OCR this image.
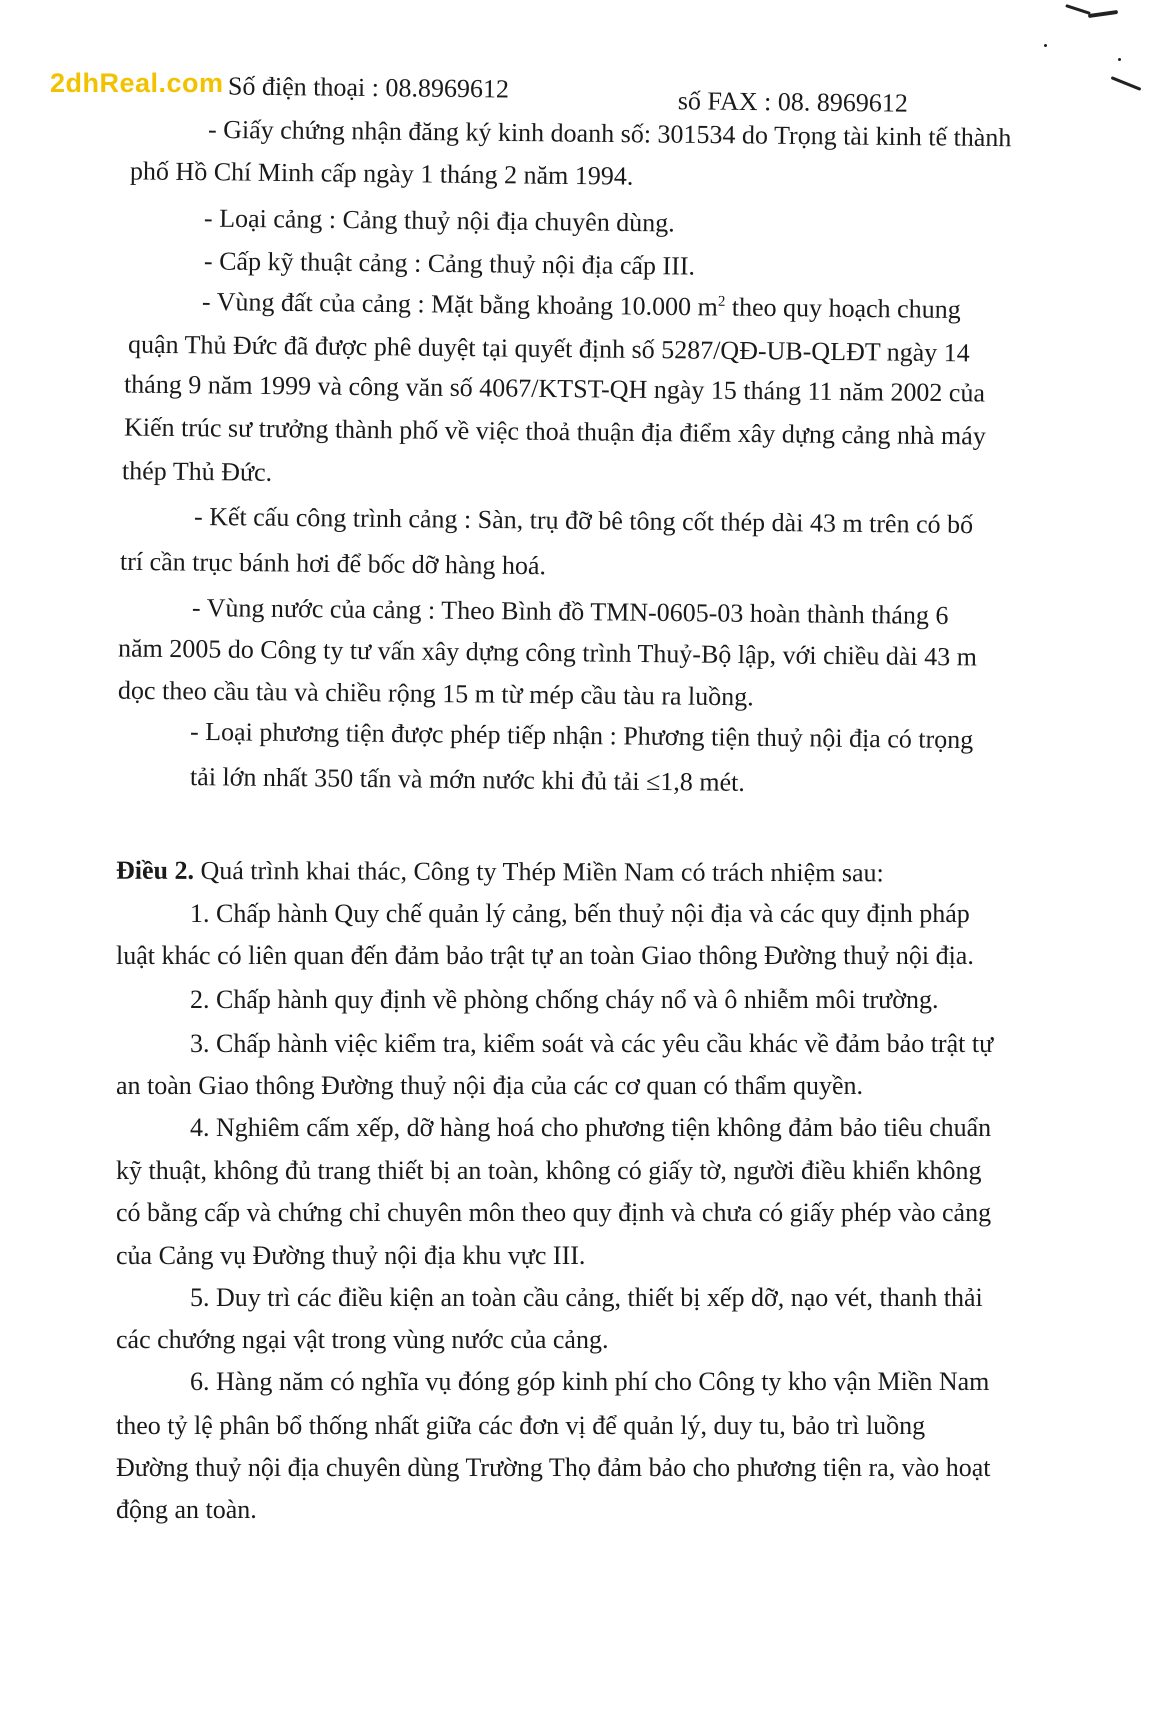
2dhReal.com Số điện thoại : 08.8969612	số FAX : 08. 8969612
- Giấy chứng nhận đăng ký kinh doanh số: 301534 do Trọng tài kinh tế thành
phố Hồ Chí Minh cấp ngày 1 tháng 2 năm 1994.
- Loại cảng : Cảng thuỷ nội địa chuyên dùng.
- Cấp kỹ thuật cảng : Cảng thuỷ nội địa cấp III.
- Vùng đất của cảng : Mặt bằng khoảng 10.000 $m^2$ theo quy hoạch chung
quận Thủ Đức đã được phê duyệt tại quyết định số 5287/QĐ-UB-QLĐT ngày 14
tháng 9 năm 1999 và công văn số 4067/KTST-QH ngày 15 tháng 11 năm 2002 của
Kiến trúc sư trưởng thành phố về việc thoả thuận địa điểm xây dựng cảng nhà máy
thép Thủ Đức.
- Kết cấu công trình cảng : Sàn, trụ đỡ bê tông cốt thép dài 43 m trên có bố
trí cần trục bánh hơi để bốc dỡ hàng hoá.
- Vùng nước của cảng : Theo Bình đồ TMN-0605-03 hoàn thành tháng 6
năm 2005 do Công ty tư vấn xây dựng công trình Thuỷ-Bộ lập, với chiều dài 43 m
dọc theo cầu tàu và chiều rộng 15 m từ mép cầu tàu ra luồng.
- Loại phương tiện được phép tiếp nhận : Phương tiện thuỷ nội địa có trọng
tải lớn nhất 350 tấn và mớn nước khi đủ tải ≤1,8 mét.
Điều 2. Quá trình khai thác, Công ty Thép Miền Nam có trách nhiệm sau:
1. Chấp hành Quy chế quản lý cảng, bến thuỷ nội địa và các quy định pháp
luật khác có liên quan đến đảm bảo trật tự an toàn Giao thông Đường thuỷ nội địa.
2. Chấp hành quy định về phòng chống cháy nổ và ô nhiễm môi trường.
3. Chấp hành việc kiểm tra, kiểm soát và các yêu cầu khác về đảm bảo trật tự
an toàn Giao thông Đường thuỷ nội địa của các cơ quan có thẩm quyền.
4. Nghiêm cấm xếp, dỡ hàng hoá cho phương tiện không đảm bảo tiêu chuẩn
kỹ thuật, không đủ trang thiết bị an toàn, không có giấy tờ, người điều khiển không
có bằng cấp và chứng chỉ chuyên môn theo quy định và chưa có giấy phép vào cảng
của Cảng vụ Đường thuỷ nội địa khu vực III.
5. Duy trì các điều kiện an toàn cầu cảng, thiết bị xếp dỡ, nạo vét, thanh thải
các chướng ngại vật trong vùng nước của cảng.
6. Hàng năm có nghĩa vụ đóng góp kinh phí cho Công ty kho vận Miền Nam
theo tỷ lệ phân bổ thống nhất giữa các đơn vị để quản lý, duy tu, bảo trì luồng
Đường thuỷ nội địa chuyên dùng Trường Thọ đảm bảo cho phương tiện ra, vào hoạt
động an toàn.
